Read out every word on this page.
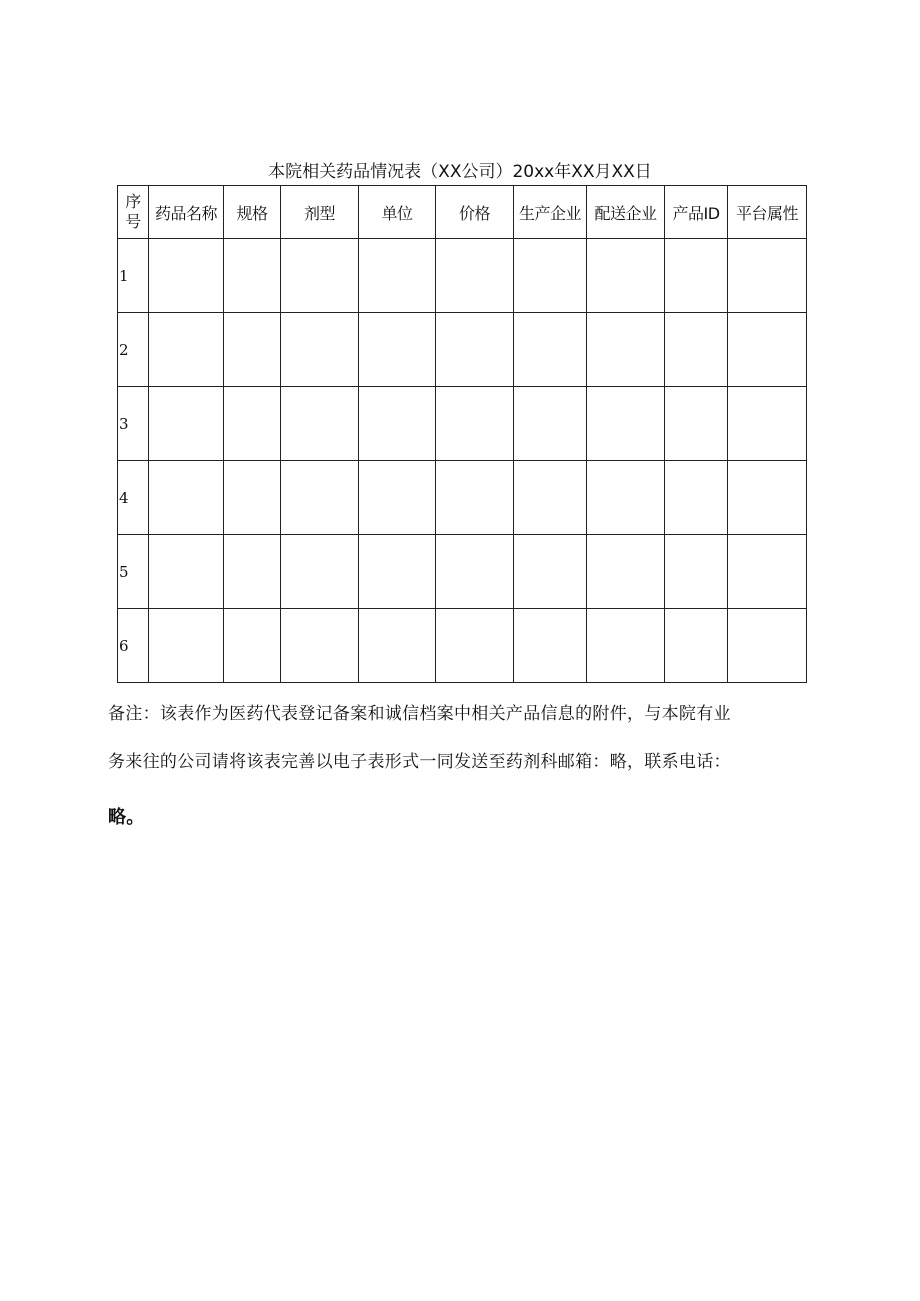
本院相关药品情况表（XX公司）20xx年XX月XX日
序号	药品名称	规格	剂型	单位	价格	生产企业	配送企业	产品ID	平台属性
1									
2									
3									
4									
5									
6									
备注：该表作为医药代表登记备案和诚信档案中相关产品信息的附件，与本院有业
务来往的公司请将该表完善以电子表形式一同发送至药剂科邮箱：略，联系电话：
略。
